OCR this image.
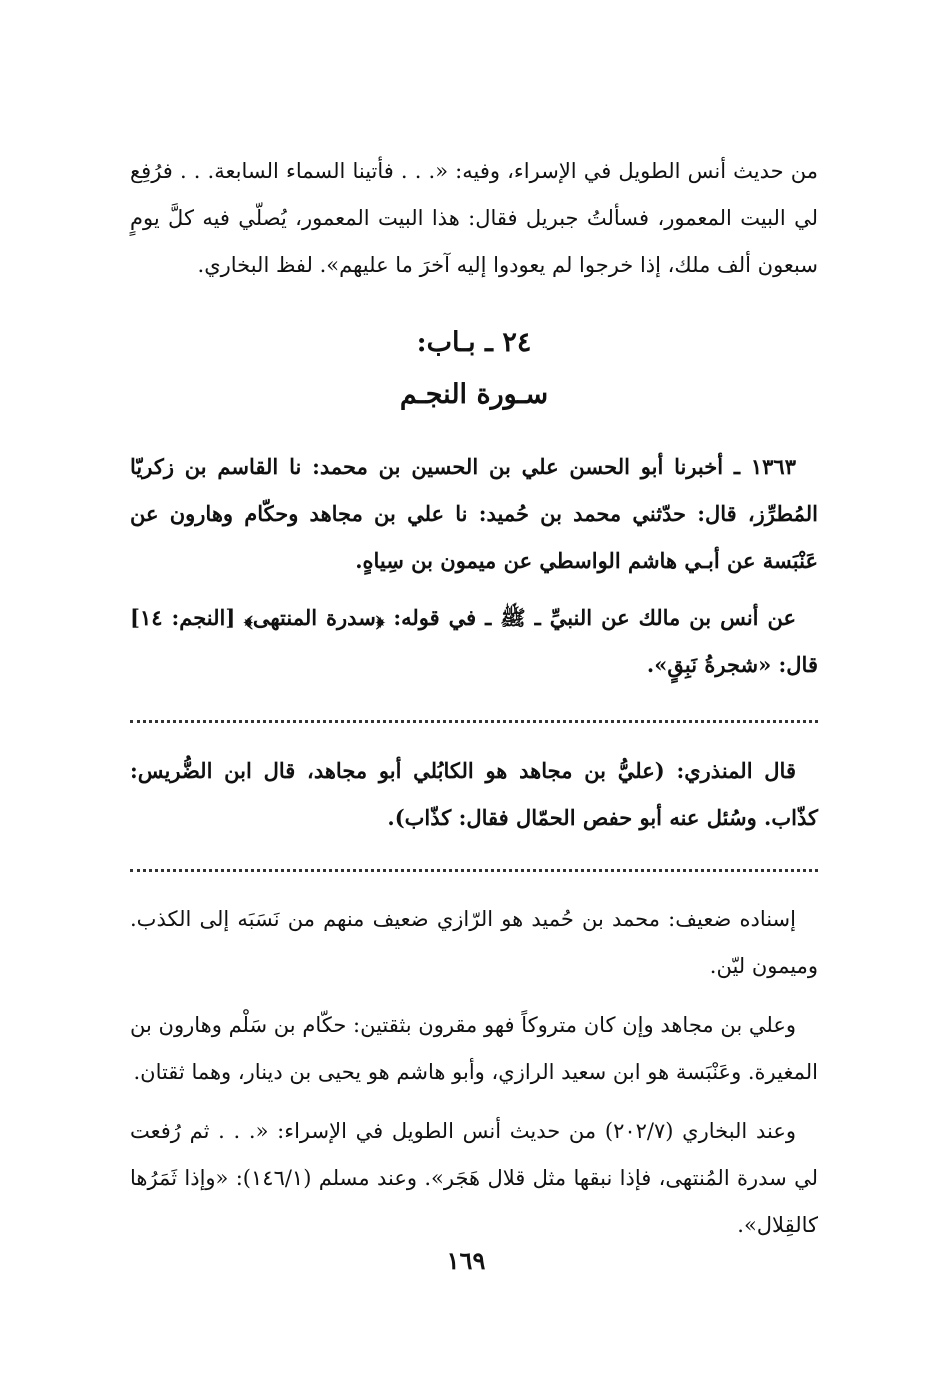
من حديث أنس الطويل في الإسراء، وفيه: «. . . فأتينا السماء السابعة. . . فرُفِع لي البيت المعمور، فسألتُ جبريل فقال: هذا البيت المعمور، يُصلّي فيه كلَّ يومٍ سبعون ألف ملك، إذا خرجوا لم يعودوا إليه آخرَ ما عليهم». لفظ البخاري.

٢٤ ـ بـاب:
سـورة النجـم

١٣٦٣ ـ أخبرنا أبو الحسن علي بن الحسين بن محمد: نا القاسم بن زكريّا المُطرِّز، قال: حدّثني محمد بن حُميد: نا علي بن مجاهد وحكّام وهارون عن عَنْبَسة عن أبـي هاشم الواسطي عن ميمون بن سِياهٍ.

عن أنس بن مالك عن النبيِّ ـ ﷺ ـ في قوله: ﴿سدرة المنتهى﴾ [النجم: ١٤] قال: «شجرةُ نَبِقٍ».

قال المنذري: (عليُّ بن مجاهد هو الكابُلي أبو مجاهد، قال ابن الضُّريس: كذّاب. وسُئل عنه أبو حفص الحمّال فقال: كذّاب).

إسناده ضعيف: محمد بن حُميد هو الرّازي ضعيف منهم من نَسَبَه إلى الكذب. وميمون ليّن.

وعلي بن مجاهد وإن كان متروكاً فهو مقرون بثقتين: حكّام بن سَلْم وهارون بن المغيرة. وعَنْبَسة هو ابن سعيد الرازي، وأبو هاشم هو يحيى بن دينار، وهما ثقتان.

وعند البخاري (٢٠٢/٧) من حديث أنس الطويل في الإسراء: «. . . ثم رُفعت لي سدرة المُنتهى، فإذا نبقها مثل قلال هَجَر». وعند مسلم (١٤٦/١): «وإذا ثَمَرُها كالقِلال».

١٦٩
